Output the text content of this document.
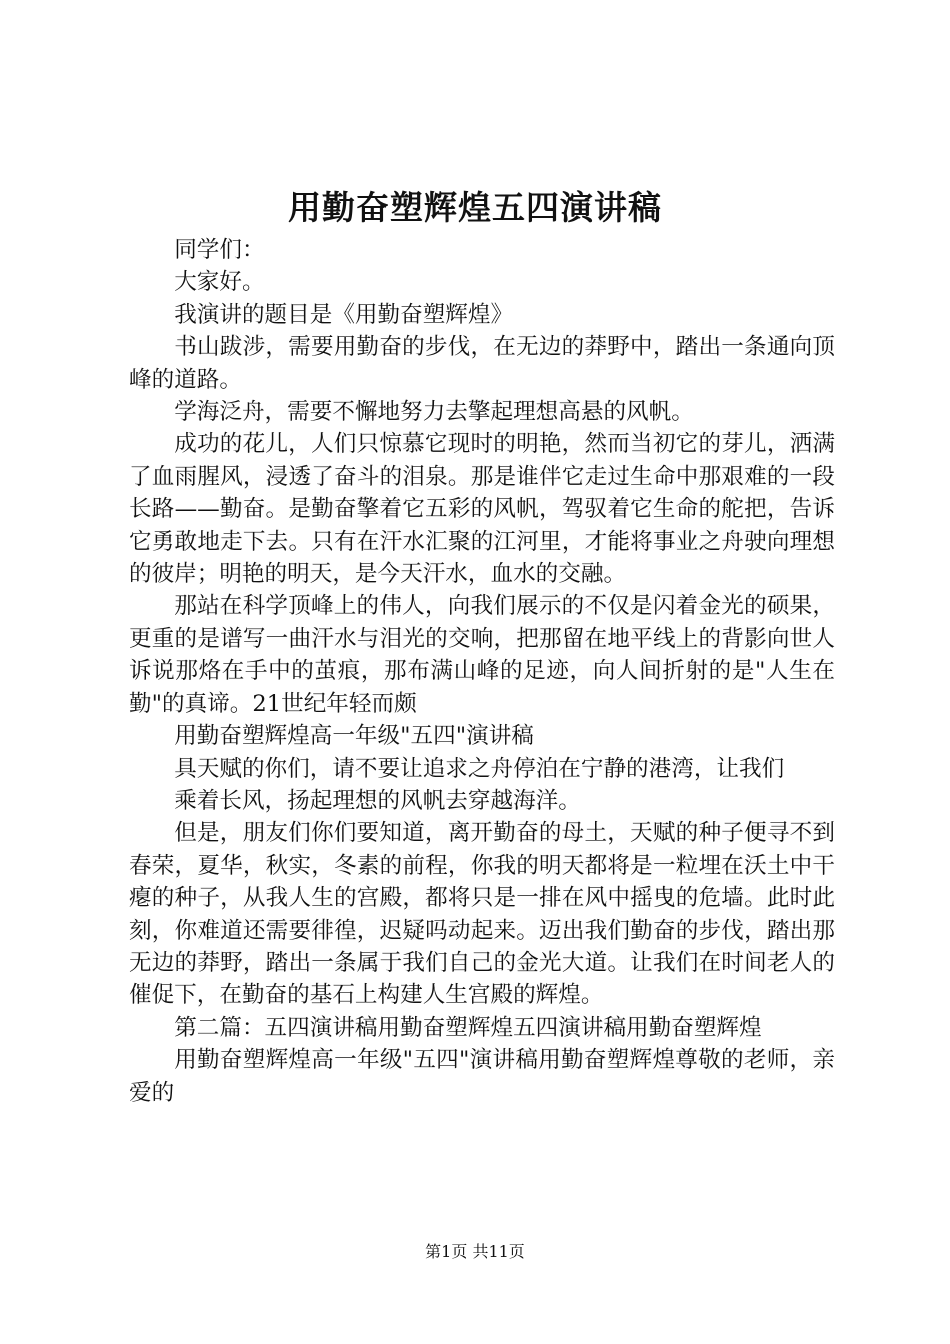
用勤奋塑辉煌五四演讲稿

同学们：

大家好。

我演讲的题目是《用勤奋塑辉煌》

书山跋涉，需要用勤奋的步伐，在无边的莽野中，踏出一条通向顶峰的道路。

学海泛舟，需要不懈地努力去擎起理想高悬的风帆。

成功的花儿，人们只惊慕它现时的明艳，然而当初它的芽儿，洒满了血雨腥风，浸透了奋斗的泪泉。那是谁伴它走过生命中那艰难的一段长路——勤奋。是勤奋擎着它五彩的风帆，驾驭着它生命的舵把，告诉它勇敢地走下去。只有在汗水汇聚的江河里，才能将事业之舟驶向理想的彼岸；明艳的明天，是今天汗水，血水的交融。

那站在科学顶峰上的伟人，向我们展示的不仅是闪着金光的硕果，更重的是谱写一曲汗水与泪光的交响，把那留在地平线上的背影向世人诉说那烙在手中的茧痕，那布满山峰的足迹，向人间折射的是"人生在勤"的真谛。21世纪年轻而颇

用勤奋塑辉煌高一年级"五四"演讲稿

具天赋的你们，请不要让追求之舟停泊在宁静的港湾，让我们

乘着长风，扬起理想的风帆去穿越海洋。

但是，朋友们你们要知道，离开勤奋的母土，天赋的种子便寻不到春荣，夏华，秋实，冬素的前程，你我的明天都将是一粒埋在沃土中干瘪的种子，从我人生的宫殿，都将只是一排在风中摇曳的危墙。此时此刻，你难道还需要徘徨，迟疑吗动起来。迈出我们勤奋的步伐，踏出那无边的莽野，踏出一条属于我们自己的金光大道。让我们在时间老人的催促下，在勤奋的基石上构建人生宫殿的辉煌。

第二篇：五四演讲稿用勤奋塑辉煌五四演讲稿用勤奋塑辉煌

用勤奋塑辉煌高一年级"五四"演讲稿用勤奋塑辉煌尊敬的老师，亲爱的

第1页 共11页
